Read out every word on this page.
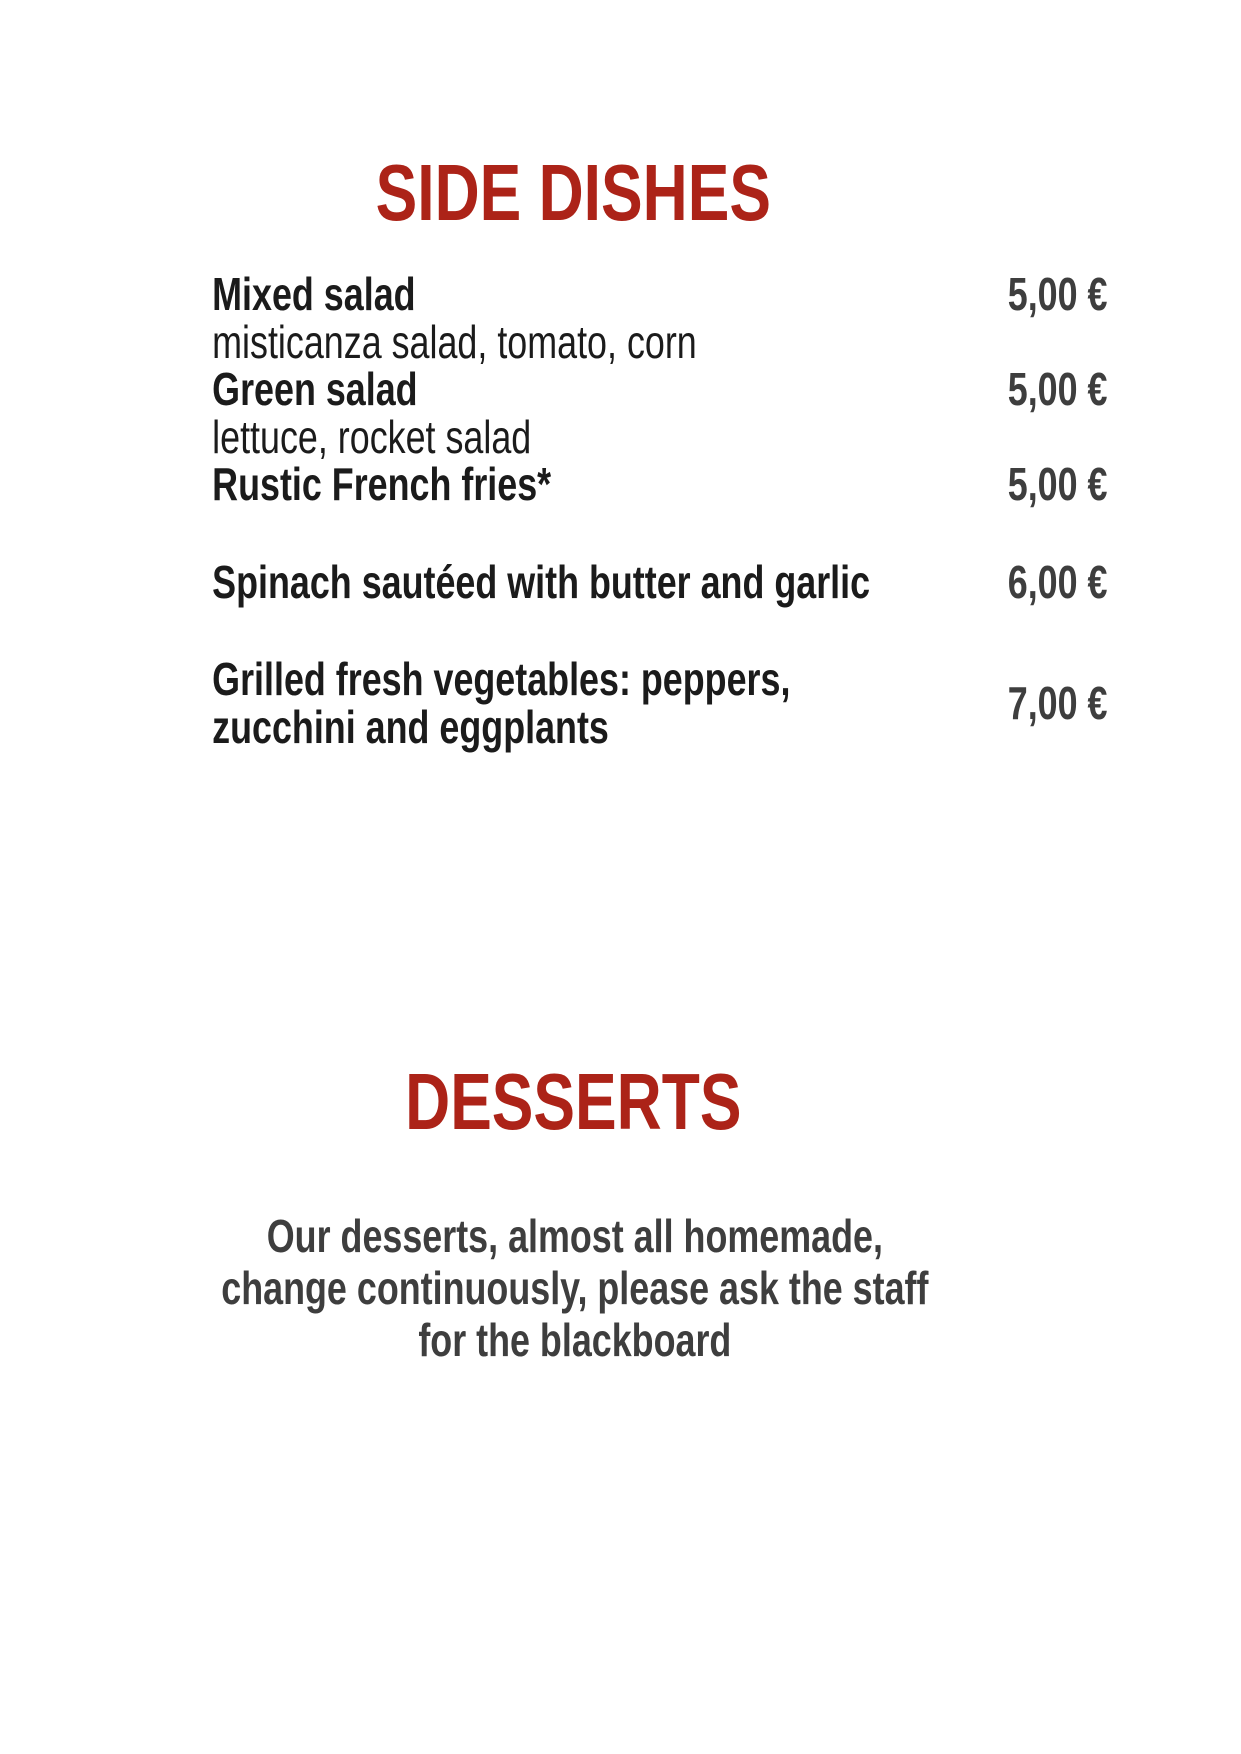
SIDE DISHES
Mixed salad	5,00 €
misticanza salad, tomato, corn
Green salad	5,00 €
lettuce, rocket salad
Rustic French fries*	5,00 €
Spinach sautéed with butter and garlic	6,00 €
Grilled fresh vegetables: peppers,
zucchini and eggplants	7,00 €
DESSERTS
Our desserts, almost all homemade,
change continuously, please ask the staff
for the blackboard
